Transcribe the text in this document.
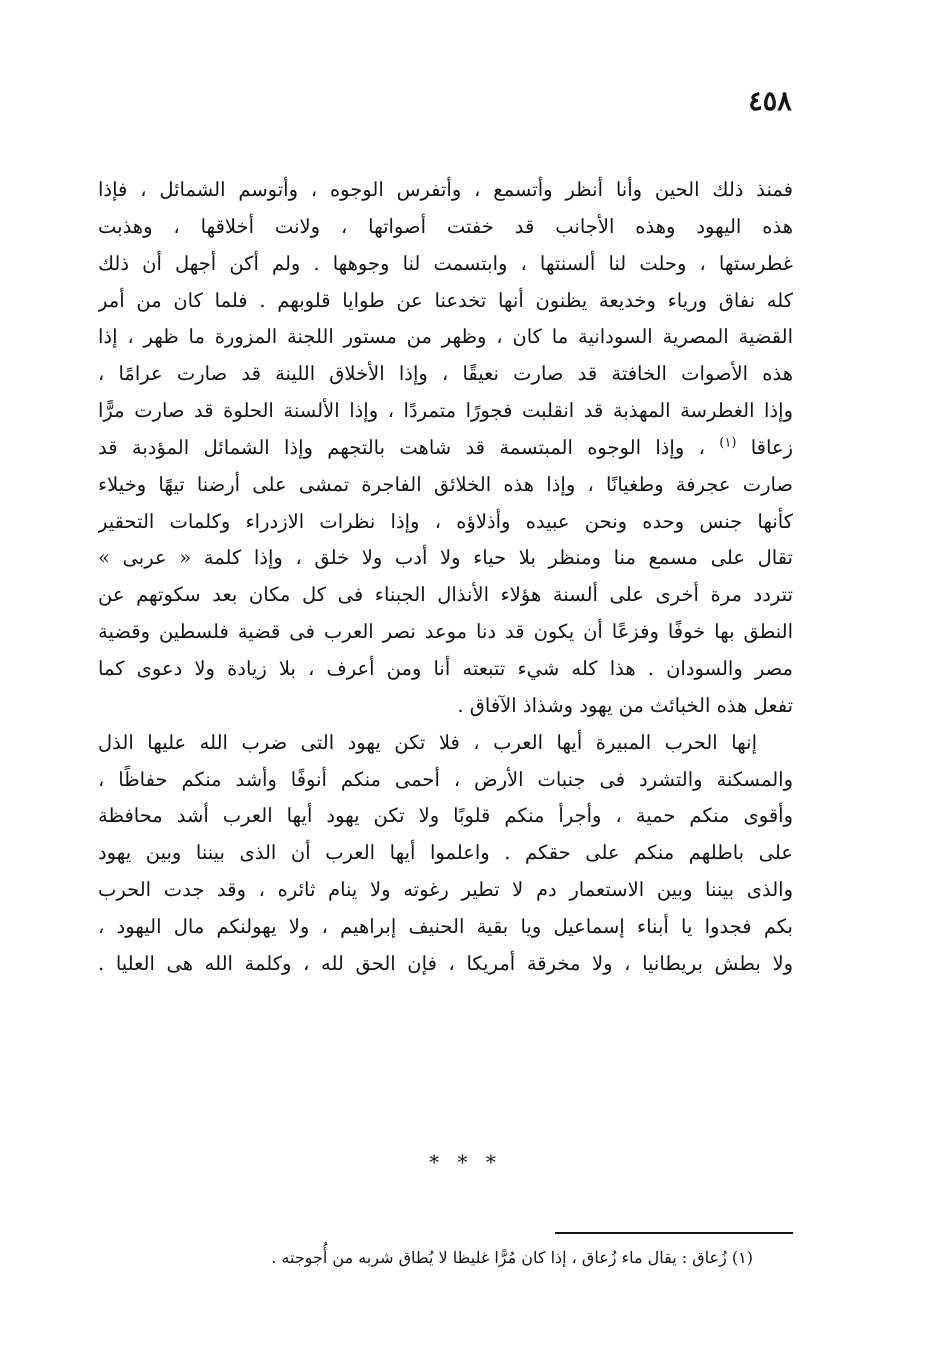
٤٥٨
فمنذ ذلك الحين وأنا أنظر وأتسمع ، وأتفرس الوجوه ، وأتوسم الشمائل ، فإذا
هذه اليهود وهذه الأجانب قد خفتت أصواتها ، ولانت أخلاقها ، وهذبت
غطرستها ، وحلت لنا ألسنتها ، وابتسمت لنا وجوهها . ولم أكن أجهل أن ذلك
كله نفاق ورياء وخديعة يظنون أنها تخدعنا عن طوايا قلوبهم . فلما كان من أمر
القضية المصرية السودانية ما كان ، وظهر من مستور اللجنة المزورة ما ظهر ، إذا
هذه الأصوات الخافتة قد صارت نعيقًا ، وإذا الأخلاق اللينة قد صارت عرامًا ،
وإذا الغطرسة المهذبة قد انقلبت فجورًا متمردًا ، وإذا الألسنة الحلوة قد صارت مرًّا
زعاقا $^{(١)}$ ، وإذا الوجوه المبتسمة قد شاهت بالتجهم وإذا الشمائل المؤدبة قد
صارت عجرفة وطغيانًا ، وإذا هذه الخلائق الفاجرة تمشى على أرضنا تيهًا وخيلاء
كأنها جنس وحده ونحن عبيده وأذلاؤه ، وإذا نظرات الازدراء وكلمات التحقير
تقال على مسمع منا ومنظر بلا حياء ولا أدب ولا خلق ، وإذا كلمة « عربى »
تتردد مرة أخرى على ألسنة هؤلاء الأنذال الجبناء فى كل مكان بعد سكوتهم عن
النطق بها خوفًا وفزعًا أن يكون قد دنا موعد نصر العرب فى قضية فلسطين وقضية
مصر والسودان . هذا كله شيء تتبعته أنا ومن أعرف ، بلا زيادة ولا دعوى كما
تفعل هذه الخبائث من يهود وشذاذ الآفاق .
إنها الحرب المبيرة أيها العرب ، فلا تكن يهود التى ضرب الله عليها الذل
والمسكنة والتشرد فى جنبات الأرض ، أحمى منكم أنوفًا وأشد منكم حفاظًا ،
وأقوى منكم حمية ، وأجرأ منكم قلوبًا ولا تكن يهود أيها العرب أشد محافظة
على باطلهم منكم على حقكم . واعلموا أيها العرب أن الذى بيننا وبين يهود
والذى بيننا وبين الاستعمار دم لا تطير رغوته ولا ينام ثائره ، وقد جدت الحرب
بكم فجدوا يا أبناء إسماعيل ويا بقية الحنيف إبراهيم ، ولا يهولنكم مال اليهود ،
ولا بطش بريطانيا ، ولا مخرقة أمريكا ، فإن الحق لله ، وكلمة الله هى العليا .
* * *
(١) زُعاق : يقال ماء زُعاق ، إذا كان مُرًّا غليظا لا يُطاق شربه من أُجوجته .
